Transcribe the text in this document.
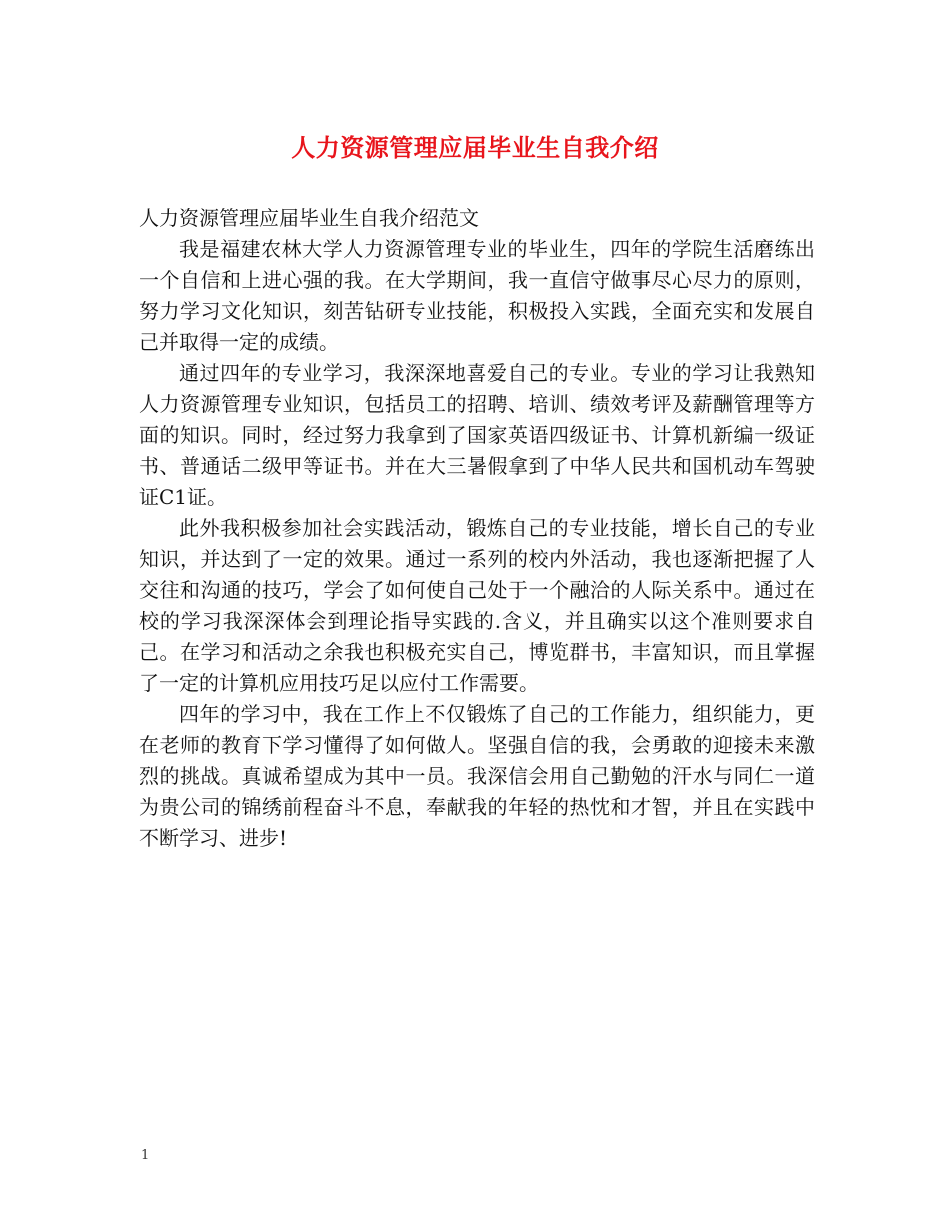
人力资源管理应届毕业生自我介绍

人力资源管理应届毕业生自我介绍范文

我是福建农林大学人力资源管理专业的毕业生，四年的学院生活磨练出一个自信和上进心强的我。在大学期间，我一直信守做事尽心尽力的原则，努力学习文化知识，刻苦钻研专业技能，积极投入实践，全面充实和发展自己并取得一定的成绩。

通过四年的专业学习，我深深地喜爱自己的专业。专业的学习让我熟知人力资源管理专业知识，包括员工的招聘、培训、绩效考评及薪酬管理等方面的知识。同时，经过努力我拿到了国家英语四级证书、计算机新编一级证书、普通话二级甲等证书。并在大三暑假拿到了中华人民共和国机动车驾驶证C1证。

此外我积极参加社会实践活动，锻炼自己的专业技能，增长自己的专业知识，并达到了一定的效果。通过一系列的校内外活动，我也逐渐把握了人交往和沟通的技巧，学会了如何使自己处于一个融洽的人际关系中。通过在校的学习我深深体会到理论指导实践的.含义，并且确实以这个准则要求自己。在学习和活动之余我也积极充实自己，博览群书，丰富知识，而且掌握了一定的计算机应用技巧足以应付工作需要。

四年的学习中，我在工作上不仅锻炼了自己的工作能力，组织能力，更在老师的教育下学习懂得了如何做人。坚强自信的我，会勇敢的迎接未来激烈的挑战。真诚希望成为其中一员。我深信会用自己勤勉的汗水与同仁一道为贵公司的锦绣前程奋斗不息，奉献我的年轻的热忱和才智，并且在实践中不断学习、进步!

1
